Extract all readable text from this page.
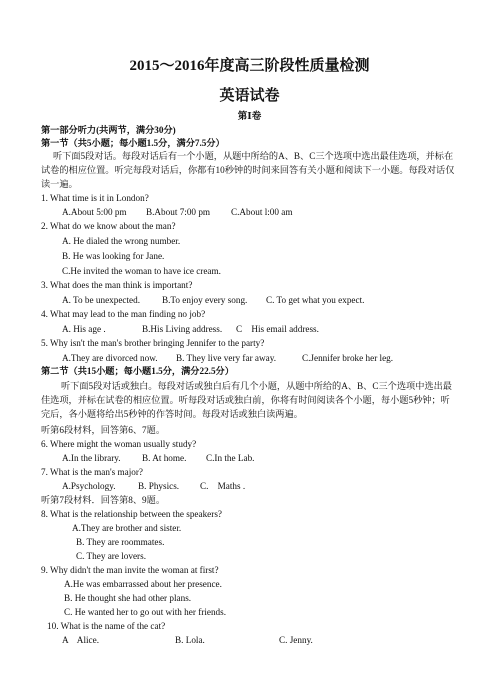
2015～2016年度高三阶段性质量检测
英语试卷
第Ⅰ卷
第一部分听力(共两节，满分30分)
第一节（共5小题；每小题1.5分，满分7.5分）
听下面5段对话。每段对话后有一个小题，从题中所给的A、B、C三个选项中选出最佳选项，并标在试卷的相应位置。听完每段对话后，你都有10秒钟的时间来回答有关小题和阅读下一小题。每段对话仅读一遍。
1. What time is it in London?
A.About 5:00 pm B.About 7:00 pm C.About l:00 am
2. What do we know about the man?
A. He dialed the wrong number.
B. He was looking for Jane.
C.He invited the woman to have ice cream.
3. What does the man think is important?
A. To be unexpected. B.To enjoy every song. C. To get what you expect.
4. What may lead to the man finding no job?
A. His age .	B.His Living address. C    His email address.
5. Why isn't the man's brother bringing Jennifer to the party?
A.They are divorced now. B. They live very far away.	C.Jennifer broke her leg.
第二节（共15小题；每小题1.5分，满分22.5分）
听下面5段对话或独白。每段对话或独白后有几个小题，从题中所给的A、B、C三个选项中选出最佳选项，并标在试卷的相应位置。听每段对话或独白前，你将有时间阅读各个小题，每小题5秒钟；听完后，各小题将给出5秒钟的作答时间。每段对话或独白读两遍。
听第6段材料，回答第6、7题。
6. Where might the woman usually study?
A.In the library. B. At home. C.In the Lab.
7. What is the man's major?
A.Psychology. B. Physics. C.    Maths .
听第7段材料．回答第8、9题。
8. What is the relationship between the speakers?
A.They are brother and sister.
B. They are roommates.
C. They are lovers.
9. Why didn't the man invite the woman at first?
A.He was embarrassed about her presence.
B. He thought she had other plans.
C. He wanted her to go out with her friends.
10. What is the name of the cat?
A    Alice.	B. Lola.	C. Jenny.
